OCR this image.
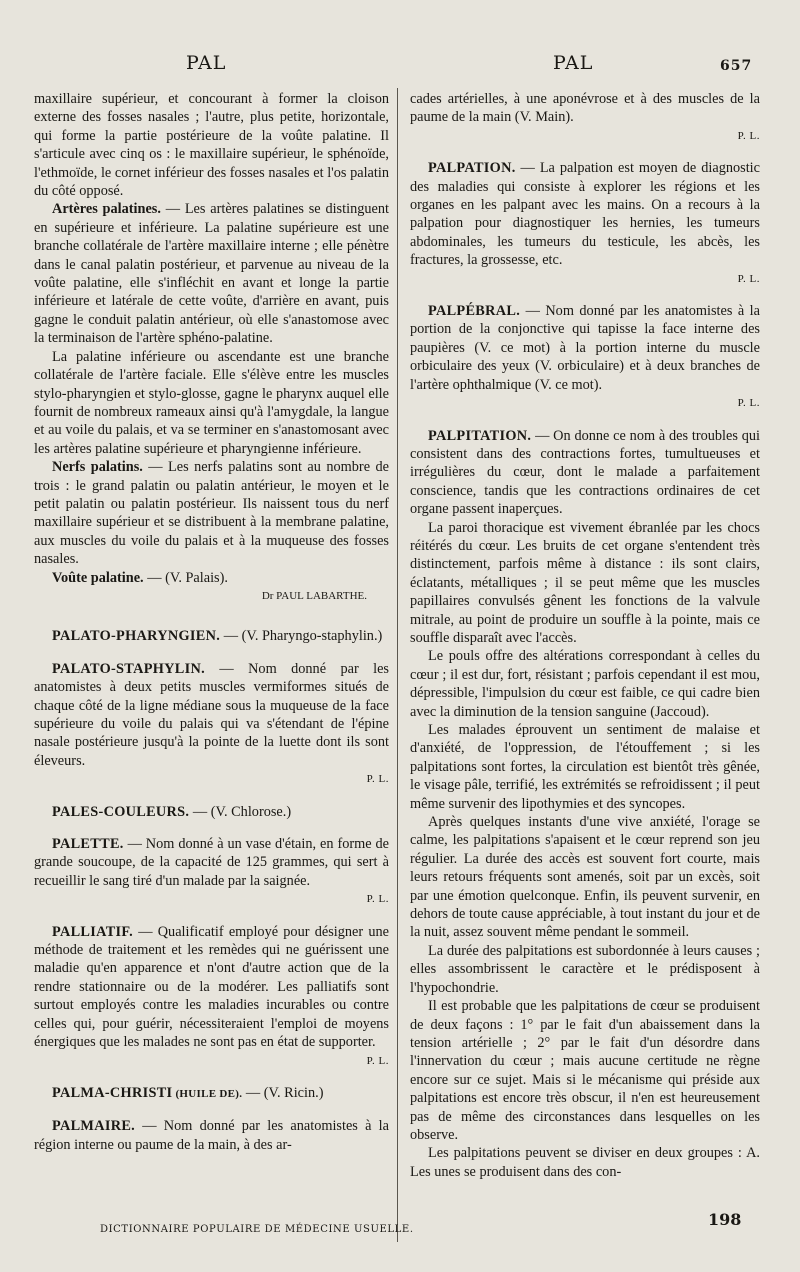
PAL	PAL	657

maxillaire supérieur, et concourant à former la cloison externe des fosses nasales ; l'autre, plus petite, horizontale, qui forme la partie postérieure de la voûte palatine. Il s'articule avec cinq os : le maxillaire supérieur, le sphénoïde, l'ethmoïde, le cornet inférieur des fosses nasales et l'os palatin du côté opposé.

Artères palatines. — Les artères palatines se distinguent en supérieure et inférieure. La palatine supérieure est une branche collatérale de l'artère maxillaire interne ; elle pénètre dans le canal palatin postérieur, et parvenue au niveau de la voûte palatine, elle s'infléchit en avant et longe la partie inférieure et latérale de cette voûte, d'arrière en avant, puis gagne le conduit palatin antérieur, où elle s'anastomose avec la terminaison de l'artère sphéno-palatine.

La palatine inférieure ou ascendante est une branche collatérale de l'artère faciale. Elle s'élève entre les muscles stylo-pharyngien et stylo-glosse, gagne le pharynx auquel elle fournit de nombreux rameaux ainsi qu'à l'amygdale, la langue et au voile du palais, et va se terminer en s'anastomosant avec les artères palatine supérieure et pharyngienne inférieure.

Nerfs palatins. — Les nerfs palatins sont au nombre de trois : le grand palatin ou palatin antérieur, le moyen et le petit palatin ou palatin postérieur. Ils naissent tous du nerf maxillaire supérieur et se distribuent à la membrane palatine, aux muscles du voile du palais et à la muqueuse des fosses nasales.

Voûte palatine. — (V. Palais).

Dr PAUL LABARTHE.

PALATO-PHARYNGIEN. — (V. Pharyngo-staphylin.)

PALATO-STAPHYLIN. — Nom donné par les anatomistes à deux petits muscles vermiformes situés de chaque côté de la ligne médiane sous la muqueuse de la face supérieure du voile du palais qui va s'étendant de l'épine nasale postérieure jusqu'à la pointe de la luette dont ils sont éleveurs.

P. L.

PALES-COULEURS. — (V. Chlorose.)

PALETTE. — Nom donné à un vase d'étain, en forme de grande soucoupe, de la capacité de 125 grammes, qui sert à recueillir le sang tiré d'un malade par la saignée.

P. L.

PALLIATIF. — Qualificatif employé pour désigner une méthode de traitement et les remèdes qui ne guérissent une maladie qu'en apparence et n'ont d'autre action que de la rendre stationnaire ou de la modérer. Les palliatifs sont surtout employés contre les maladies incurables ou contre celles qui, pour guérir, nécessiteraient l'emploi de moyens énergiques que les malades ne sont pas en état de supporter.

P. L.

PALMA-CHRISTI (HUILE DE). — (V. Ricin.)

PALMAIRE. — Nom donné par les anatomistes à la région interne ou paume de la main, à des ar-

cades artérielles, à une aponévrose et à des muscles de la paume de la main (V. Main).

P. L.

PALPATION. — La palpation est moyen de diagnostic des maladies qui consiste à explorer les régions et les organes en les palpant avec les mains. On a recours à la palpation pour diagnostiquer les hernies, les tumeurs abdominales, les tumeurs du testicule, les abcès, les fractures, la grossesse, etc.

P. L.

PALPÉBRAL. — Nom donné par les anatomistes à la portion de la conjonctive qui tapisse la face interne des paupières (V. ce mot) à la portion interne du muscle orbiculaire des yeux (V. orbiculaire) et à deux branches de l'artère ophthalmique (V. ce mot).

P. L.

PALPITATION. — On donne ce nom à des troubles qui consistent dans des contractions fortes, tumultueuses et irrégulières du cœur, dont le malade a parfaitement conscience, tandis que les contractions ordinaires de cet organe passent inaperçues.

La paroi thoracique est vivement ébranlée par les chocs réitérés du cœur. Les bruits de cet organe s'entendent très distinctement, parfois même à distance : ils sont clairs, éclatants, métalliques ; il se peut même que les muscles papillaires convulsés gênent les fonctions de la valvule mitrale, au point de produire un souffle à la pointe, mais ce souffle disparaît avec l'accès.

Le pouls offre des altérations correspondant à celles du cœur ; il est dur, fort, résistant ; parfois cependant il est mou, dépressible, l'impulsion du cœur est faible, ce qui cadre bien avec la diminution de la tension sanguine (Jaccoud).

Les malades éprouvent un sentiment de malaise et d'anxiété, de l'oppression, de l'étouffement ; si les palpitations sont fortes, la circulation est bientôt très gênée, le visage pâle, terrifié, les extrémités se refroidissent ; il peut même survenir des lipothymies et des syncopes.

Après quelques instants d'une vive anxiété, l'orage se calme, les palpitations s'apaisent et le cœur reprend son jeu régulier. La durée des accès est souvent fort courte, mais leurs retours fréquents sont amenés, soit par un excès, soit par une émotion quelconque. Enfin, ils peuvent survenir, en dehors de toute cause appréciable, à tout instant du jour et de la nuit, assez souvent même pendant le sommeil.

La durée des palpitations est subordonnée à leurs causes ; elles assombrissent le caractère et le prédisposent à l'hypochondrie.

Il est probable que les palpitations de cœur se produisent de deux façons : 1° par le fait d'un abaissement dans la tension artérielle ; 2° par le fait d'un désordre dans l'innervation du cœur ; mais aucune certitude ne règne encore sur ce sujet. Mais si le mécanisme qui préside aux palpitations est encore très obscur, il n'en est heureusement pas de même des circonstances dans lesquelles on les observe.

Les palpitations peuvent se diviser en deux groupes : A. Les unes se produisent dans des con-

DICTIONNAIRE POPULAIRE DE MÉDECINE USUELLE.
198
